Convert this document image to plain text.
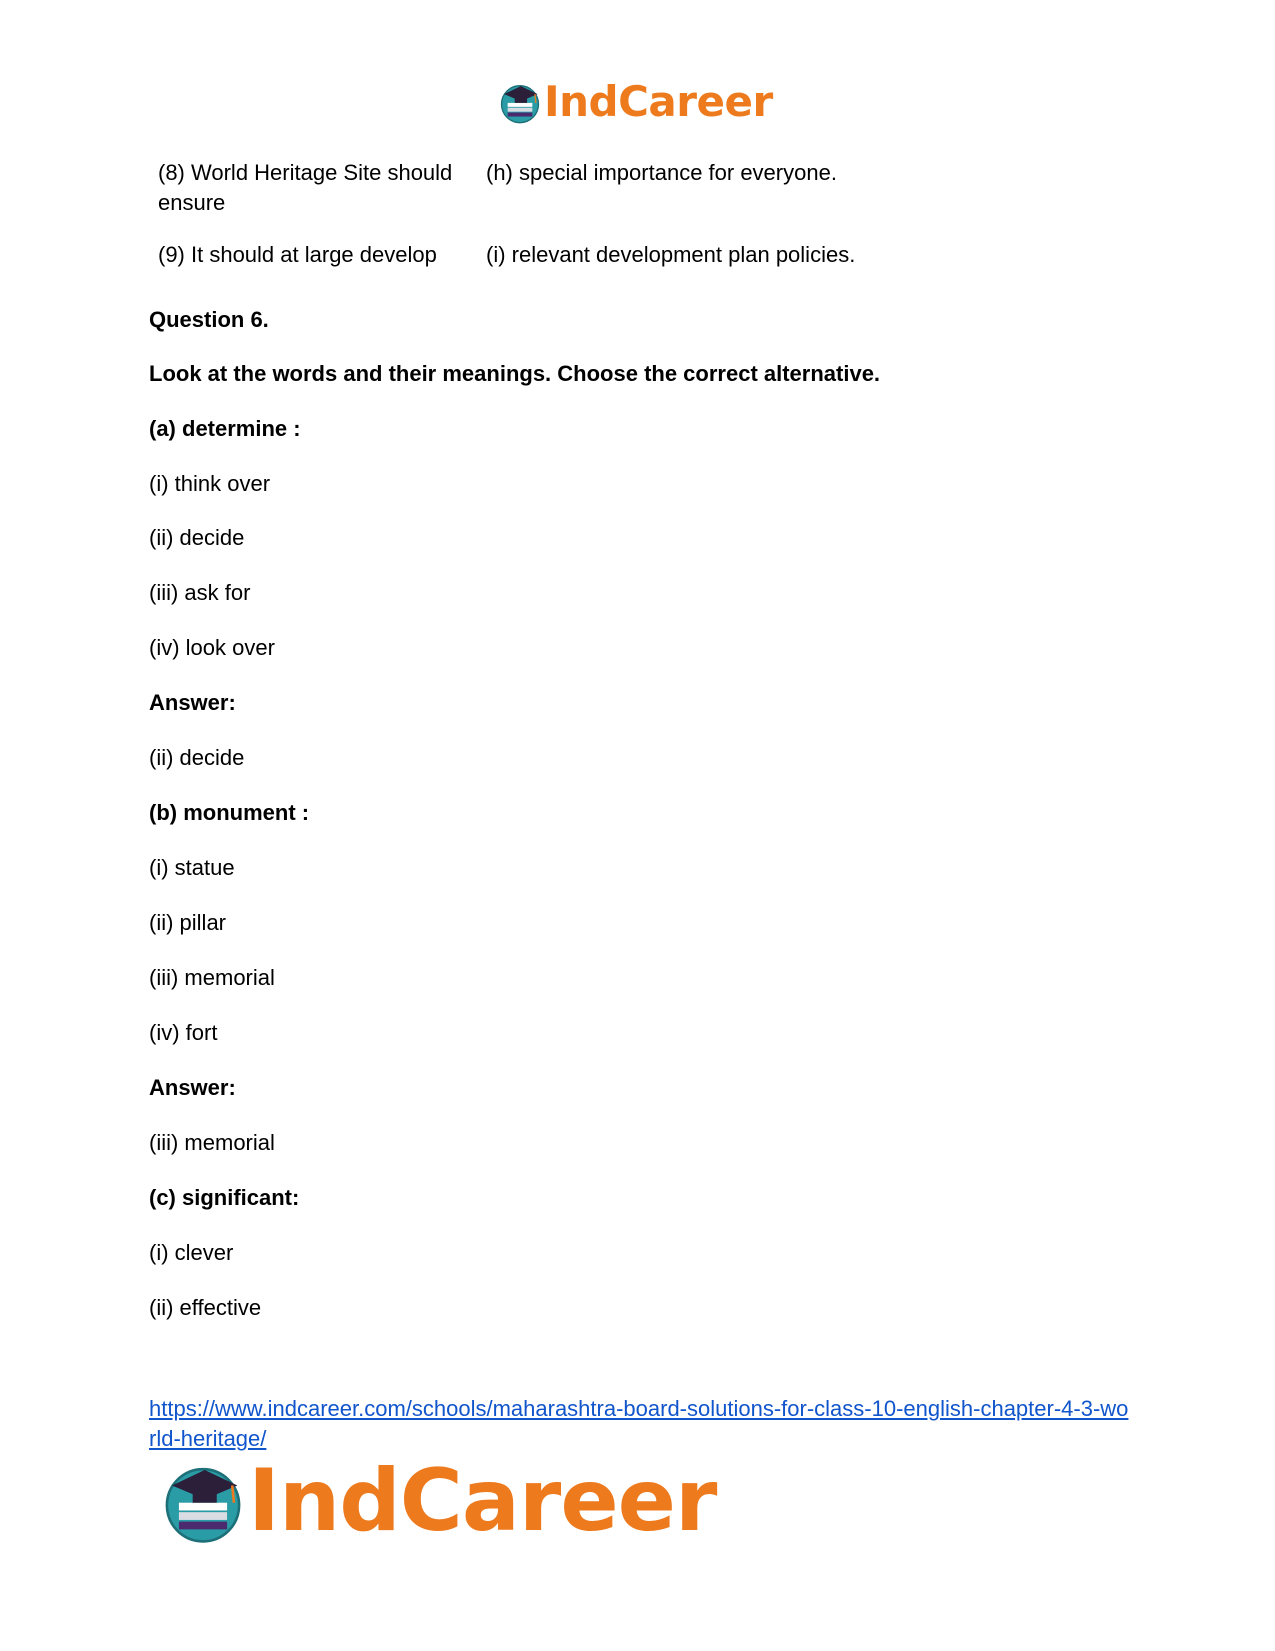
IndCareer
(8) World Heritage Site should ensure
(h) special importance for everyone.
(9) It should at large develop	(i) relevant development plan policies.
Question 6.
Look at the words and their meanings. Choose the correct alternative.
(a) determine :
(i) think over
(ii) decide
(iii) ask for
(iv) look over
Answer:
(ii) decide
(b) monument :
(i) statue
(ii) pillar
(iii) memorial
(iv) fort
Answer:
(iii) memorial
(c) significant:
(i) clever
(ii) effective
https://www.indcareer.com/schools/maharashtra-board-solutions-for-class-10-english-chapter-4-3-world-heritage/
IndCareer
